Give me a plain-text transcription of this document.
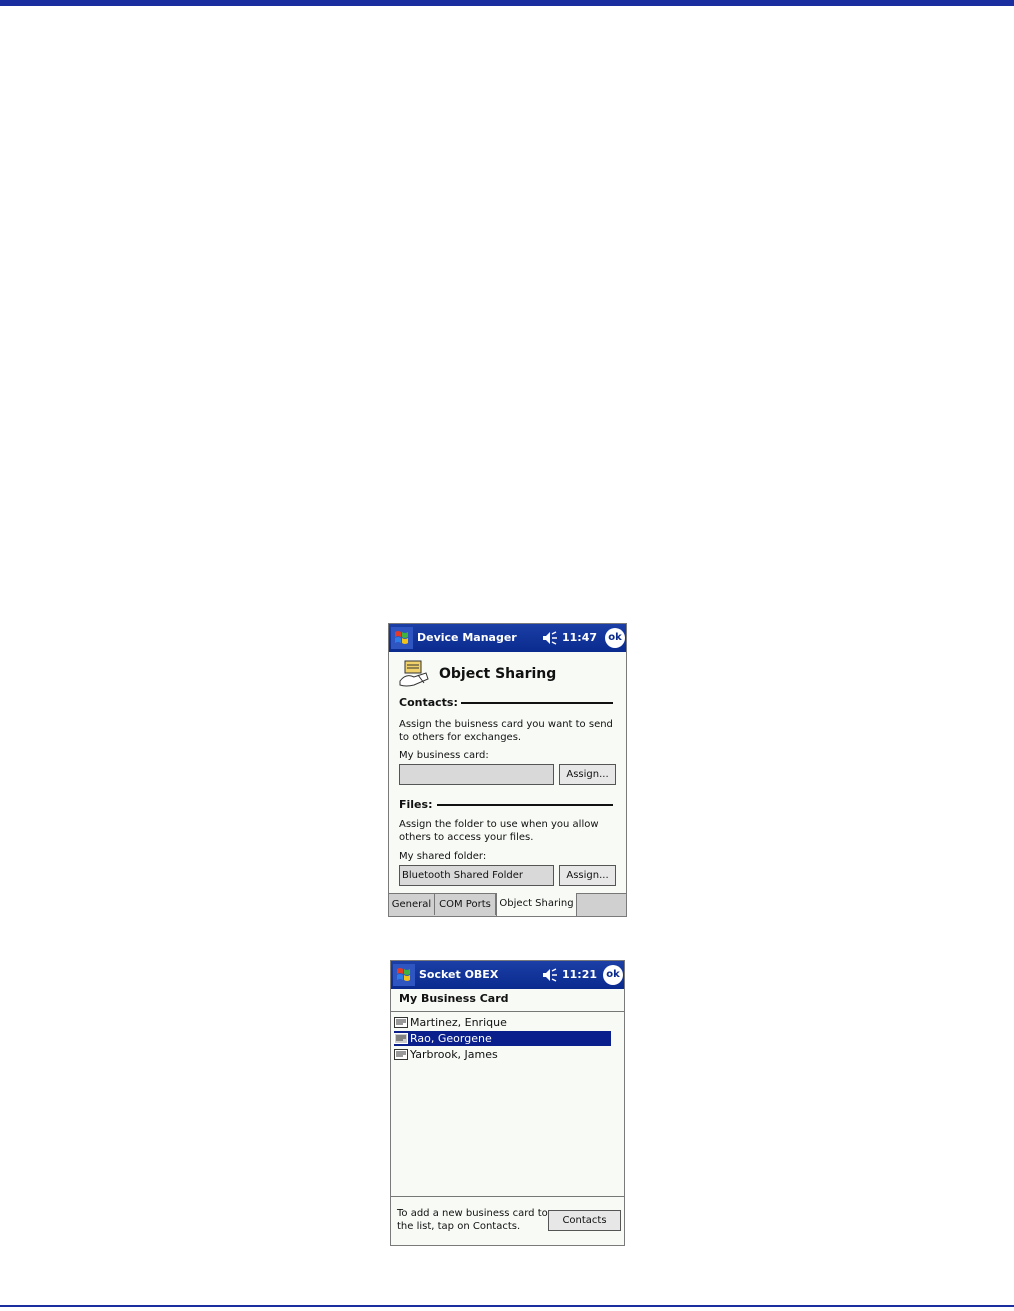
Device Manager	11:47	ok
Object Sharing
Contacts:
Assign the buisness card you want to send
to others for exchanges.
My business card:
Assign...
Files:
Assign the folder to use when you allow
others to access your files.
My shared folder:
Bluetooth Shared Folder	Assign...
General COM Ports Object Sharing
Socket OBEX	11:21 ok
My Business Card
Martinez, Enrique
Rao, Georgene
Yarbrook, James
To add a new business card to
the list, tap on Contacts.
Contacts
